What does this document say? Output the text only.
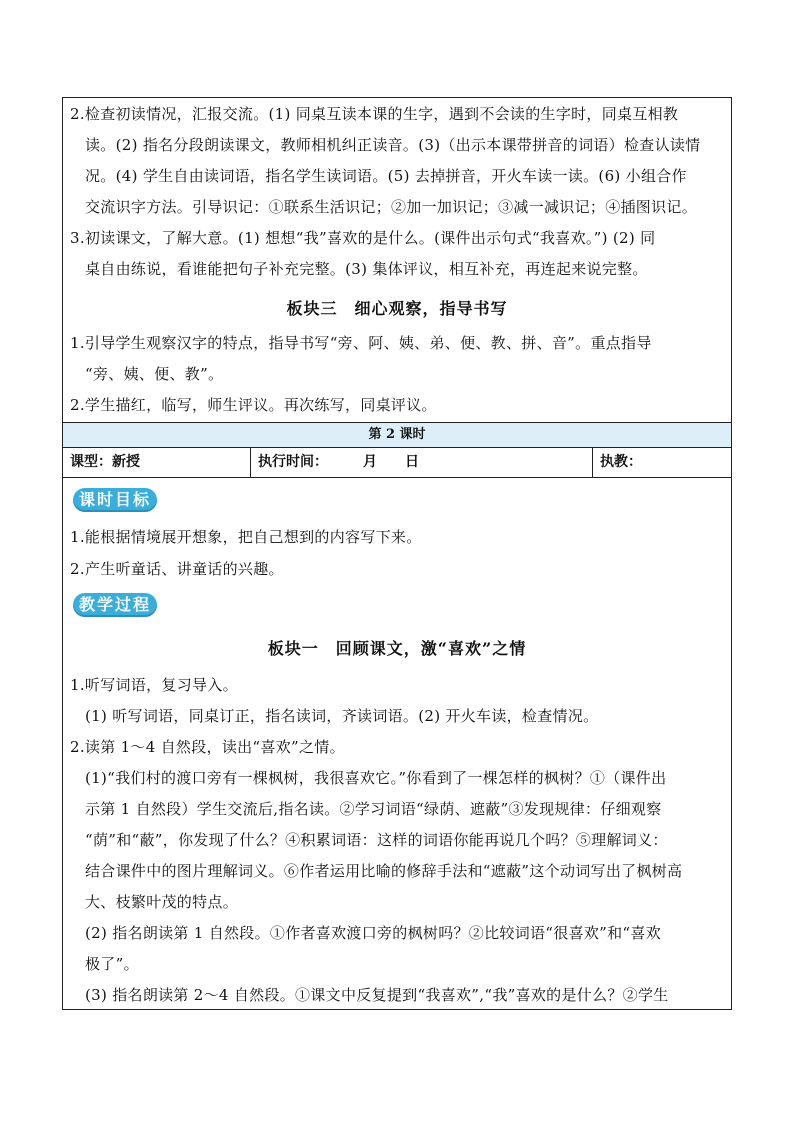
2.检查初读情况，汇报交流。(1) 同桌互读本课的生字，遇到不会读的生字时，同桌互相教
读。(2) 指名分段朗读课文，教师相机纠正读音。(3)（出示本课带拼音的词语）检查认读情
况。(4) 学生自由读词语，指名学生读词语。(5) 去掉拼音，开火车读一读。(6) 小组合作
交流识字方法。引导识记：①联系生活识记；②加一加识记；③减一减识记；④插图识记。
3.初读课文，了解大意。(1) 想想“我”喜欢的是什么。(课件出示句式“我喜欢。”) (2) 同
桌自由练说，看谁能把句子补充完整。(3) 集体评议，相互补充，再连起来说完整。
板块三　细心观察，指导书写
1.引导学生观察汉字的特点，指导书写“旁、阿、姨、弟、便、教、拼、音”。重点指导
“旁、姨、便、教”。
2.学生描红，临写，师生评议。再次练写，同桌评议。
第 2 课时
课型：新授	执行时间：　　　月　　日	执教：
课时目标
1.能根据情境展开想象，把自己想到的内容写下来。
2.产生听童话、讲童话的兴趣。
教学过程
板块一　回顾课文，激“喜欢”之情
1.听写词语，复习导入。
(1) 听写词语，同桌订正，指名读词，齐读词语。(2) 开火车读，检查情况。
2.读第 1～4 自然段，读出“喜欢”之情。
(1)“我们村的渡口旁有一棵枫树，我很喜欢它。”你看到了一棵怎样的枫树？①（课件出
示第 1 自然段）学生交流后,指名读。②学习词语“绿荫、遮蔽”③发现规律：仔细观察
“荫”和“蔽”，你发现了什么？④积累词语：这样的词语你能再说几个吗？⑤理解词义：
结合课件中的图片理解词义。⑥作者运用比喻的修辞手法和“遮蔽”这个动词写出了枫树高
大、枝繁叶茂的特点。
(2) 指名朗读第 1 自然段。①作者喜欢渡口旁的枫树吗？②比较词语“很喜欢”和“喜欢
极了”。
(3) 指名朗读第 2～4 自然段。①课文中反复提到“我喜欢”,“我”喜欢的是什么？②学生
